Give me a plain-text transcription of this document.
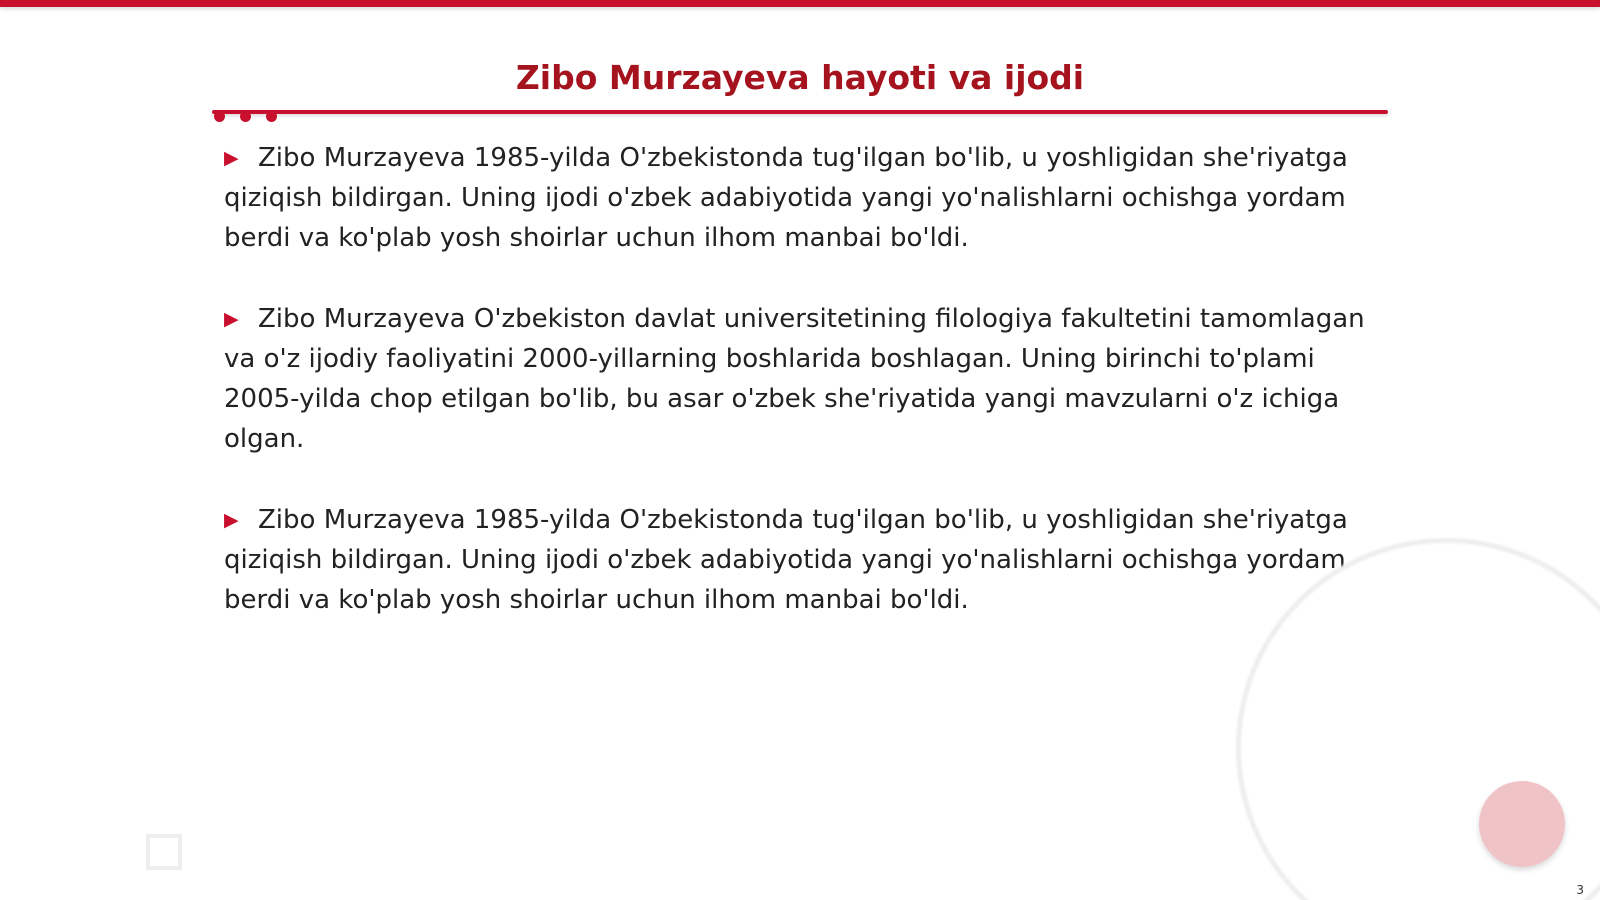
Zibo Murzayeva hayoti va ijodi
▶ Zibo Murzayeva 1985-yilda O'zbekistonda tug'ilgan bo'lib, u yoshligidan she'riyatga qiziqish bildirgan. Uning ijodi o'zbek adabiyotida yangi yo'nalishlarni ochishga yordam berdi va ko'plab yosh shoirlar uchun ilhom manbai bo'ldi.
▶ Zibo Murzayeva O'zbekiston davlat universitetining filologiya fakultetini tamomlagan va o'z ijodiy faoliyatini 2000-yillarning boshlarida boshlagan. Uning birinchi to'plami 2005-yilda chop etilgan bo'lib, bu asar o'zbek she'riyatida yangi mavzularni o'z ichiga olgan.
▶ Zibo Murzayeva 1985-yilda O'zbekistonda tug'ilgan bo'lib, u yoshligidan she'riyatga qiziqish bildirgan. Uning ijodi o'zbek adabiyotida yangi yo'nalishlarni ochishga yordam berdi va ko'plab yosh shoirlar uchun ilhom manbai bo'ldi.
3
